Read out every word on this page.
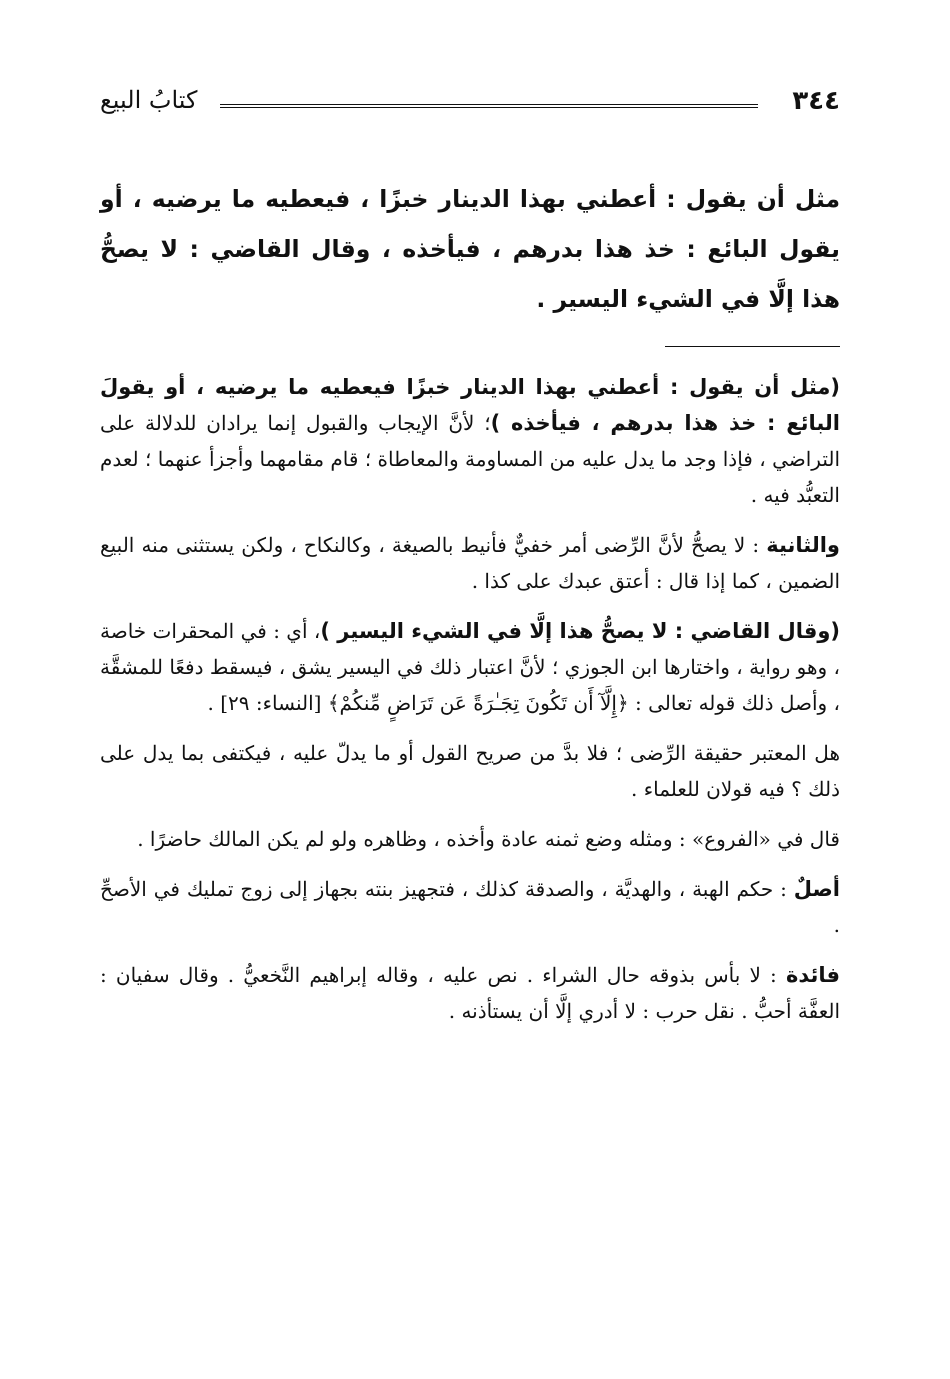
٣٤٤
كتابُ البيع
مثل أن يقول : أعطني بهذا الدينار خبزًا ، فيعطيه ما يرضيه ، أو يقول البائع : خذ هذا بدرهم ، فيأخذه ، وقال القاضي : لا يصحُّ هذا إلَّا في الشيء اليسير .

(مثل أن يقول : أعطني بهذا الدينار خبزًا فيعطيه ما يرضيه ، أو يقولَ البائع : خذ هذا بدرهم ، فيأخذه )؛ لأنَّ الإيجاب والقبول إنما يرادان للدلالة على التراضي ، فإذا وجد ما يدل عليه من المساومة والمعاطاة ؛ قام مقامهما وأجزأ عنهما ؛ لعدم التعبُّد فيه .

والثانية : لا يصحُّ لأنَّ الرِّضى أمر خفيٌّ فأنيط بالصيغة ، وكالنكاح ، ولكن يستثنى منه البيع الضمين ، كما إذا قال : أعتق عبدك على كذا .

(وقال القاضي : لا يصحُّ هذا إلَّا في الشيء اليسير )، أي : في المحقرات خاصة ، وهو رواية ، واختارها ابن الجوزي ؛ لأنَّ اعتبار ذلك في اليسير يشق ، فيسقط دفعًا للمشقَّة ، وأصل ذلك قوله تعالى : ﴿إِلَّآ أَن تَكُونَ تِجَـٰرَةً عَن تَرَاضٍ مِّنكُمْ﴾ [النساء: ٢٩] .

هل المعتبر حقيقة الرِّضى ؛ فلا بدَّ من صريح القول أو ما يدلّ عليه ، فيكتفى بما يدل على ذلك ؟ فيه قولان للعلماء .

قال في «الفروع» : ومثله وضع ثمنه عادة وأخذه ، وظاهره ولو لم يكن المالك حاضرًا .

أصلٌ : حكم الهبة ، والهديَّة ، والصدقة كذلك ، فتجهيز بنته بجهاز إلى زوج تمليك في الأصحِّ .

فائدة : لا بأس بذوقه حال الشراء . نص عليه ، وقاله إبراهيم النَّخعيُّ . وقال سفيان : العفَّة أحبُّ . نقل حرب : لا أدري إلَّا أن يستأذنه .
